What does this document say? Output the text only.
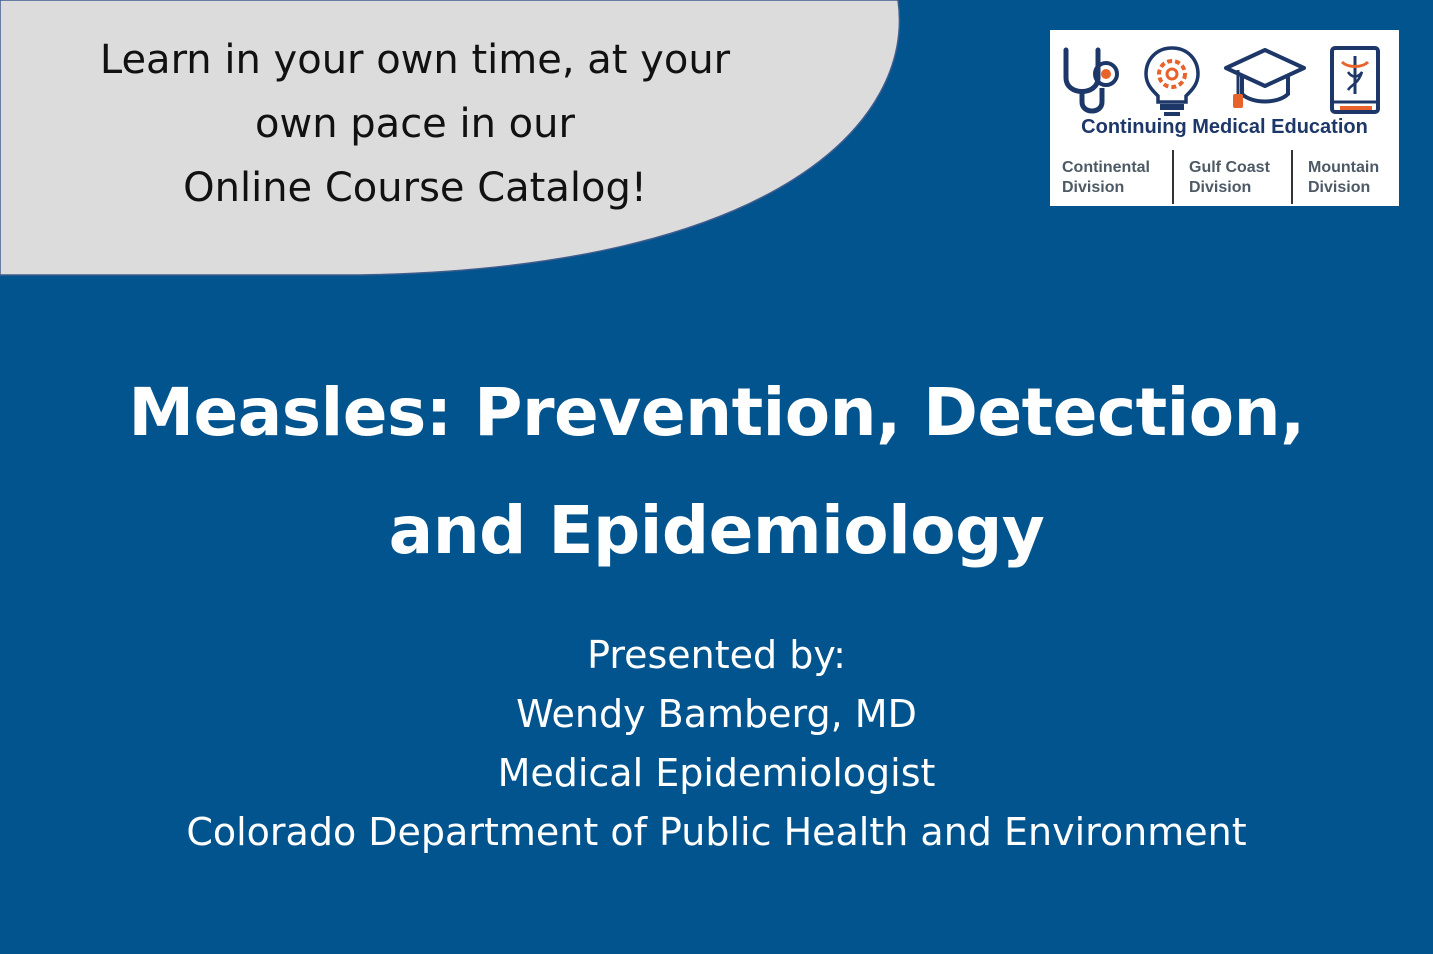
Learn in your own time, at your
own pace in our
Online Course Catalog!
Continuing Medical Education
Continental
Division
Gulf Coast
Division
Mountain
Division
Measles: Prevention, Detection,
and Epidemiology
Presented by:
Wendy Bamberg, MD
Medical Epidemiologist
Colorado Department of Public Health and Environment
